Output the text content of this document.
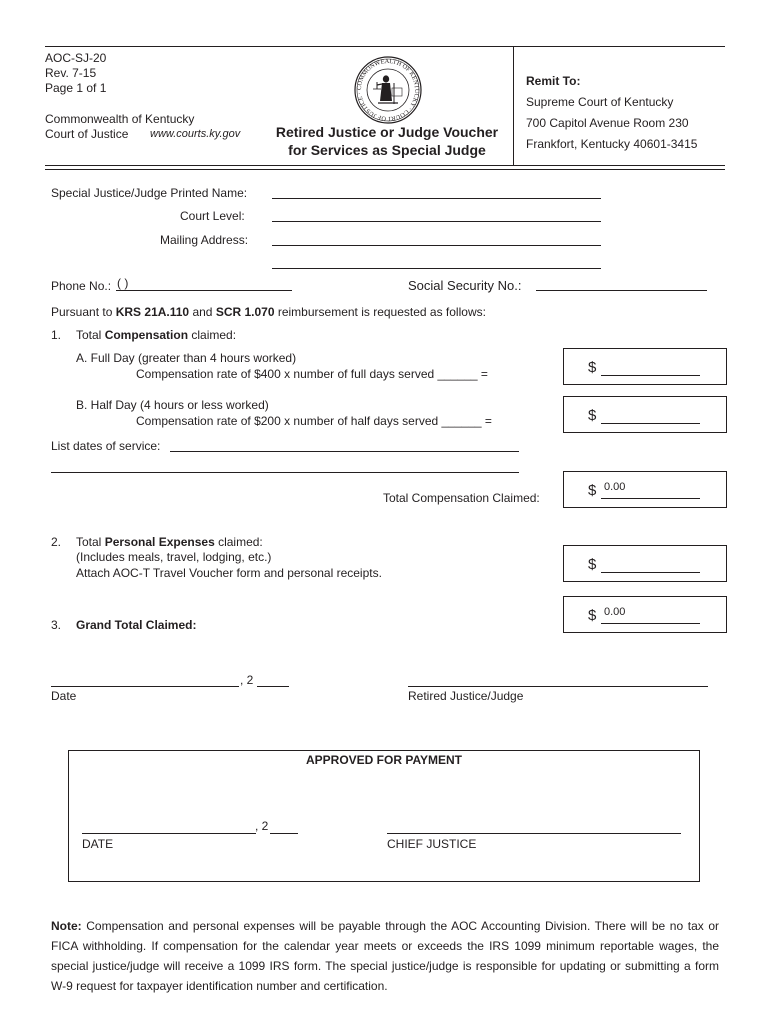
AOC-SJ-20
Rev. 7-15
Page 1 of 1
Commonwealth of Kentucky
Court of Justice www.courts.ky.gov
COMMONWEALTH OF KENTUCKY · COURT OF JUSTICE ·
Retired Justice or Judge Voucher
for Services as Special Judge
Remit To:
Supreme Court of Kentucky
700 Capitol Avenue Room 230
Frankfort, Kentucky 40601-3415
Special Justice/Judge Printed Name:
Court Level:
Mailing Address:
Phone No.: ( )	Social Security No.:
Pursuant to KRS 21A.110 and SCR 1.070 reimbursement is requested as follows:
1. Total Compensation claimed:
A. Full Day (greater than 4 hours worked)
Compensation rate of $400 x number of full days served ______ =	$
B. Half Day (4 hours or less worked)
Compensation rate of $200 x number of half days served ______ =	$
List dates of service:
Total Compensation Claimed:	$ 0.00
2. Total Personal Expenses claimed:
(Includes meals, travel, lodging, etc.)
Attach AOC-T Travel Voucher form and personal receipts.	$
3. Grand Total Claimed:
$ 0.00
, 2
Date	Retired Justice/Judge
APPROVED FOR PAYMENT
, 2
DATE	CHIEF JUSTICE
Note: Compensation and personal expenses will be payable through the AOC Accounting Division. There will be no tax or FICA withholding. If compensation for the calendar year meets or exceeds the IRS 1099 minimum reportable wages, the special justice/judge will receive a 1099 IRS form. The special justice/judge is responsible for updating or submitting a form W-9 request for taxpayer identification number and certification.
